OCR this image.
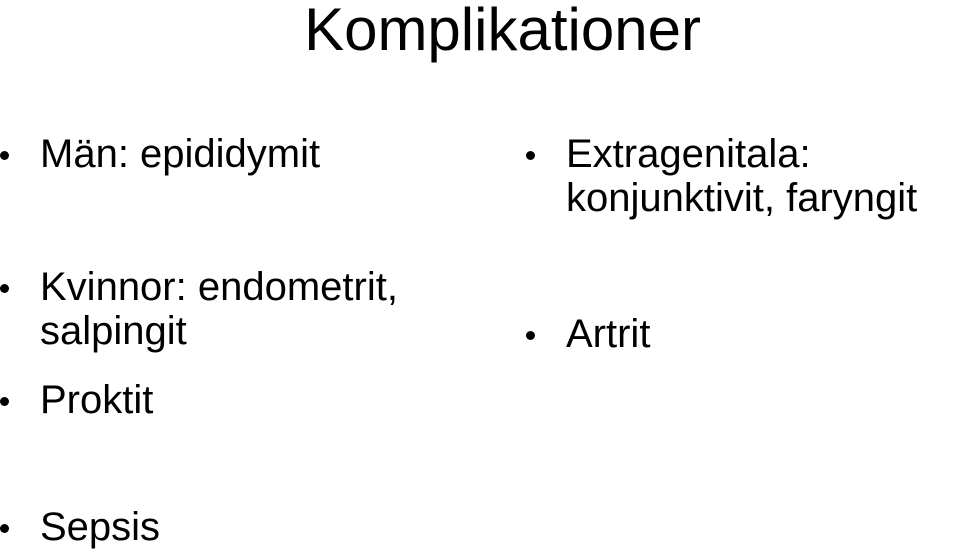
Komplikationer
Män: epididymit
Kvinnor: endometrit,
salpingit
Proktit
Sepsis
Extragenitala:
konjunktivit, faryngit
Artrit
